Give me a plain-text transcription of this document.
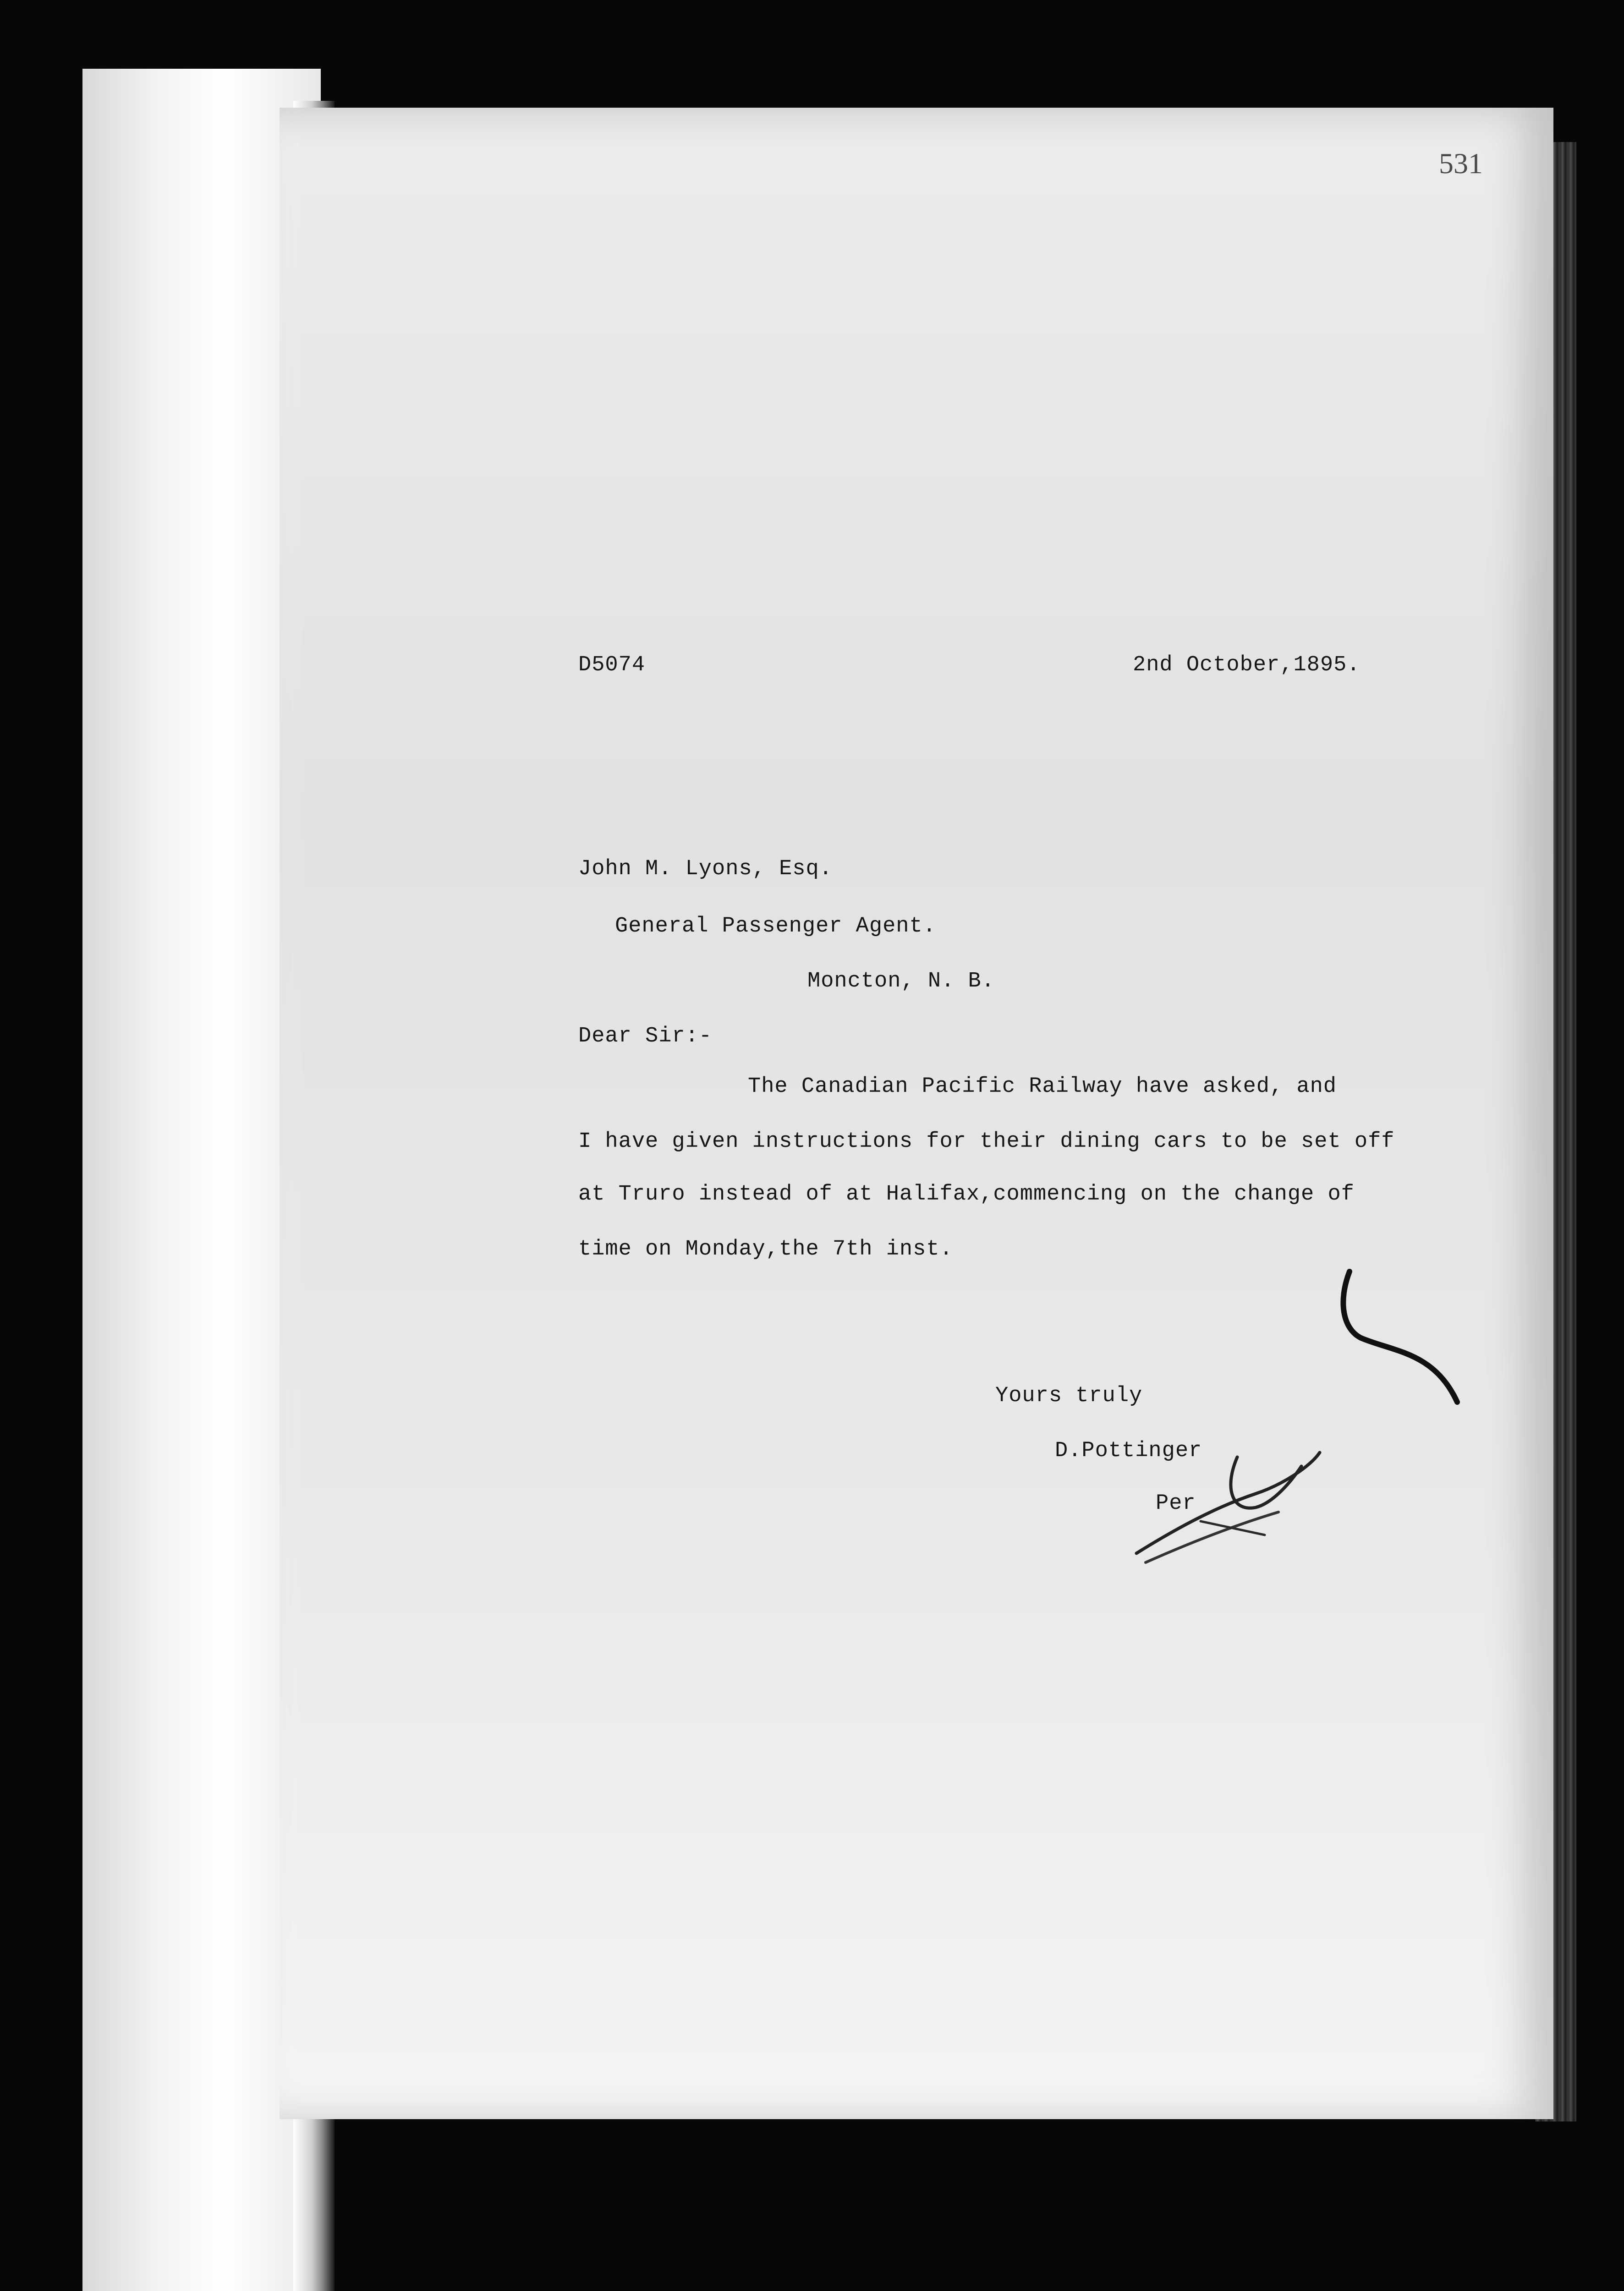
531
D5074	2nd October,1895.
John M. Lyons, Esq.
General Passenger Agent.
Moncton, N. B.
Dear Sir:-
The Canadian Pacific Railway have asked, and
I have given instructions for their dining cars to be set off
at Truro instead of at Halifax,commencing on the change of
time on Monday,the 7th inst.
Yours truly
D.Pottinger
Per
